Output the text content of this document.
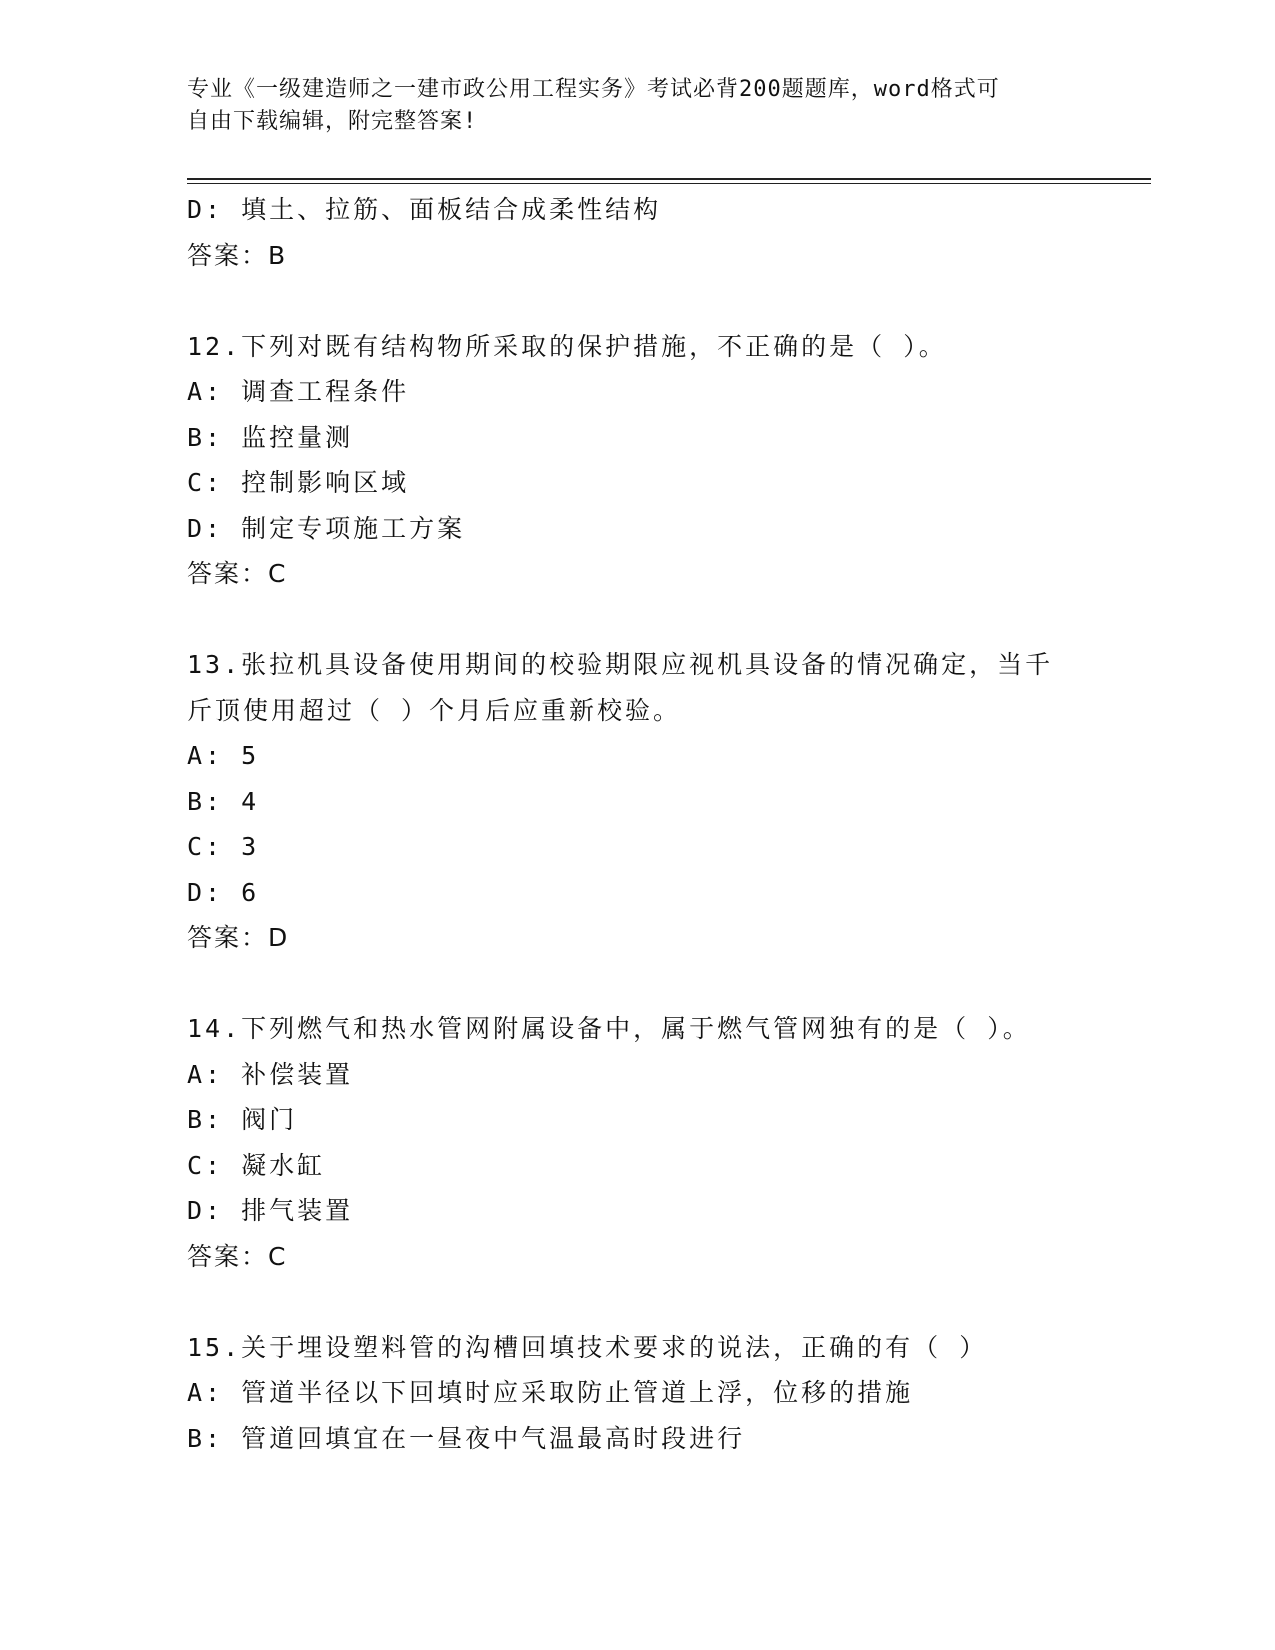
专业《一级建造师之一建市政公用工程实务》考试必背200题题库，word格式可
自由下载编辑，附完整答案!
D: 填土、拉筋、面板结合成柔性结构
答案：B
12.下列对既有结构物所采取的保护措施，不正确的是（ ）。
A: 调查工程条件
B: 监控量测
C: 控制影响区域
D: 制定专项施工方案
答案：C
13.张拉机具设备使用期间的校验期限应视机具设备的情况确定，当千
斤顶使用超过（ ）个月后应重新校验。
A: 5
B: 4
C: 3
D: 6
答案：D
14.下列燃气和热水管网附属设备中，属于燃气管网独有的是（ ）。
A: 补偿装置
B: 阀门
C: 凝水缸
D: 排气装置
答案：C
15.关于埋设塑料管的沟槽回填技术要求的说法，正确的有（ ）
A: 管道半径以下回填时应采取防止管道上浮，位移的措施
B: 管道回填宜在一昼夜中气温最高时段进行
